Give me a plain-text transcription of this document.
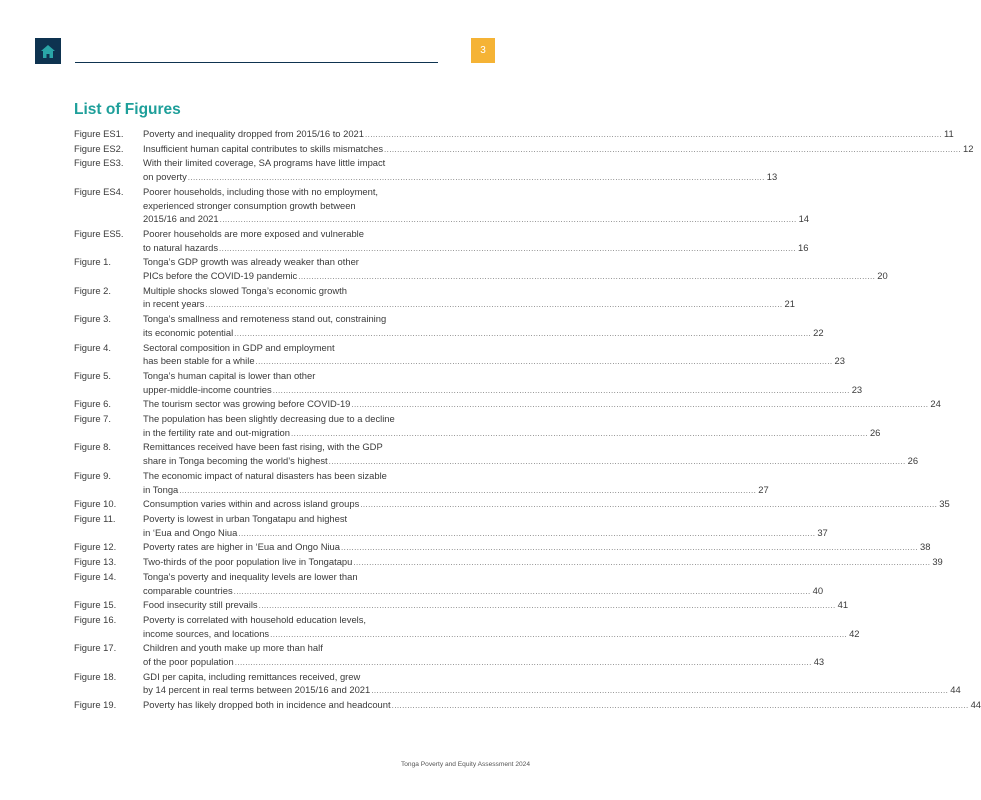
3
List of Figures
Figure ES1.	Poverty and inequality dropped from 2015/16 to 2021 ............................................................................................................................................................................................................................ 11
Figure ES2.	Insufficient human capital contributes to skills mismatches ............................................................................................................................................................................................................................ 12
Figure ES3.	With their limited coverage, SA programs have little impact
on poverty ............................................................................................................................................................................................................................ 13
Figure ES4.	Poorer households, including those with no employment,
experienced stronger consumption growth between
2015/16 and 2021 ............................................................................................................................................................................................................................ 14
Figure ES5.	Poorer households are more exposed and vulnerable
to natural hazards ............................................................................................................................................................................................................................ 16
Figure 1.	Tonga’s GDP growth was already weaker than other
PICs before the COVID-19 pandemic ............................................................................................................................................................................................................................ 20
Figure 2.	Multiple shocks slowed Tonga’s economic growth
in recent years ............................................................................................................................................................................................................................ 21
Figure 3.	Tonga’s smallness and remoteness stand out, constraining
its economic potential ............................................................................................................................................................................................................................ 22
Figure 4.	Sectoral composition in GDP and employment
has been stable for a while ............................................................................................................................................................................................................................ 23
Figure 5.	Tonga’s human capital is lower than other
upper-middle-income countries ............................................................................................................................................................................................................................ 23
Figure 6.	The tourism sector was growing before COVID-19 ............................................................................................................................................................................................................................ 24
Figure 7.	The population has been slightly decreasing due to a decline
in the fertility rate and out-migration ............................................................................................................................................................................................................................ 26
Figure 8.	Remittances received have been fast rising, with the GDP
share in Tonga becoming the world’s highest ............................................................................................................................................................................................................................ 26
Figure 9.	The economic impact of natural disasters has been sizable
in Tonga ............................................................................................................................................................................................................................ 27
Figure 10.	Consumption varies within and across island groups ............................................................................................................................................................................................................................ 35
Figure 11.	Poverty is lowest in urban Tongatapu and highest
in ‘Eua and Ongo Niua ............................................................................................................................................................................................................................ 37
Figure 12.	Poverty rates are higher in ‘Eua and Ongo Niua ............................................................................................................................................................................................................................ 38
Figure 13.	Two-thirds of the poor population live in Tongatapu ............................................................................................................................................................................................................................ 39
Figure 14.	Tonga’s poverty and inequality levels are lower than
comparable countries ............................................................................................................................................................................................................................ 40
Figure 15.	Food insecurity still prevails ............................................................................................................................................................................................................................ 41
Figure 16.	Poverty is correlated with household education levels,
income sources, and locations ............................................................................................................................................................................................................................ 42
Figure 17.	Children and youth make up more than half
of the poor population ............................................................................................................................................................................................................................ 43
Figure 18.	GDI per capita, including remittances received, grew
by 14 percent in real terms between 2015/16 and 2021 ............................................................................................................................................................................................................................ 44
Figure 19.	Poverty has likely dropped both in incidence and headcount ............................................................................................................................................................................................................................ 44
Tonga Poverty and Equity Assessment 2024
